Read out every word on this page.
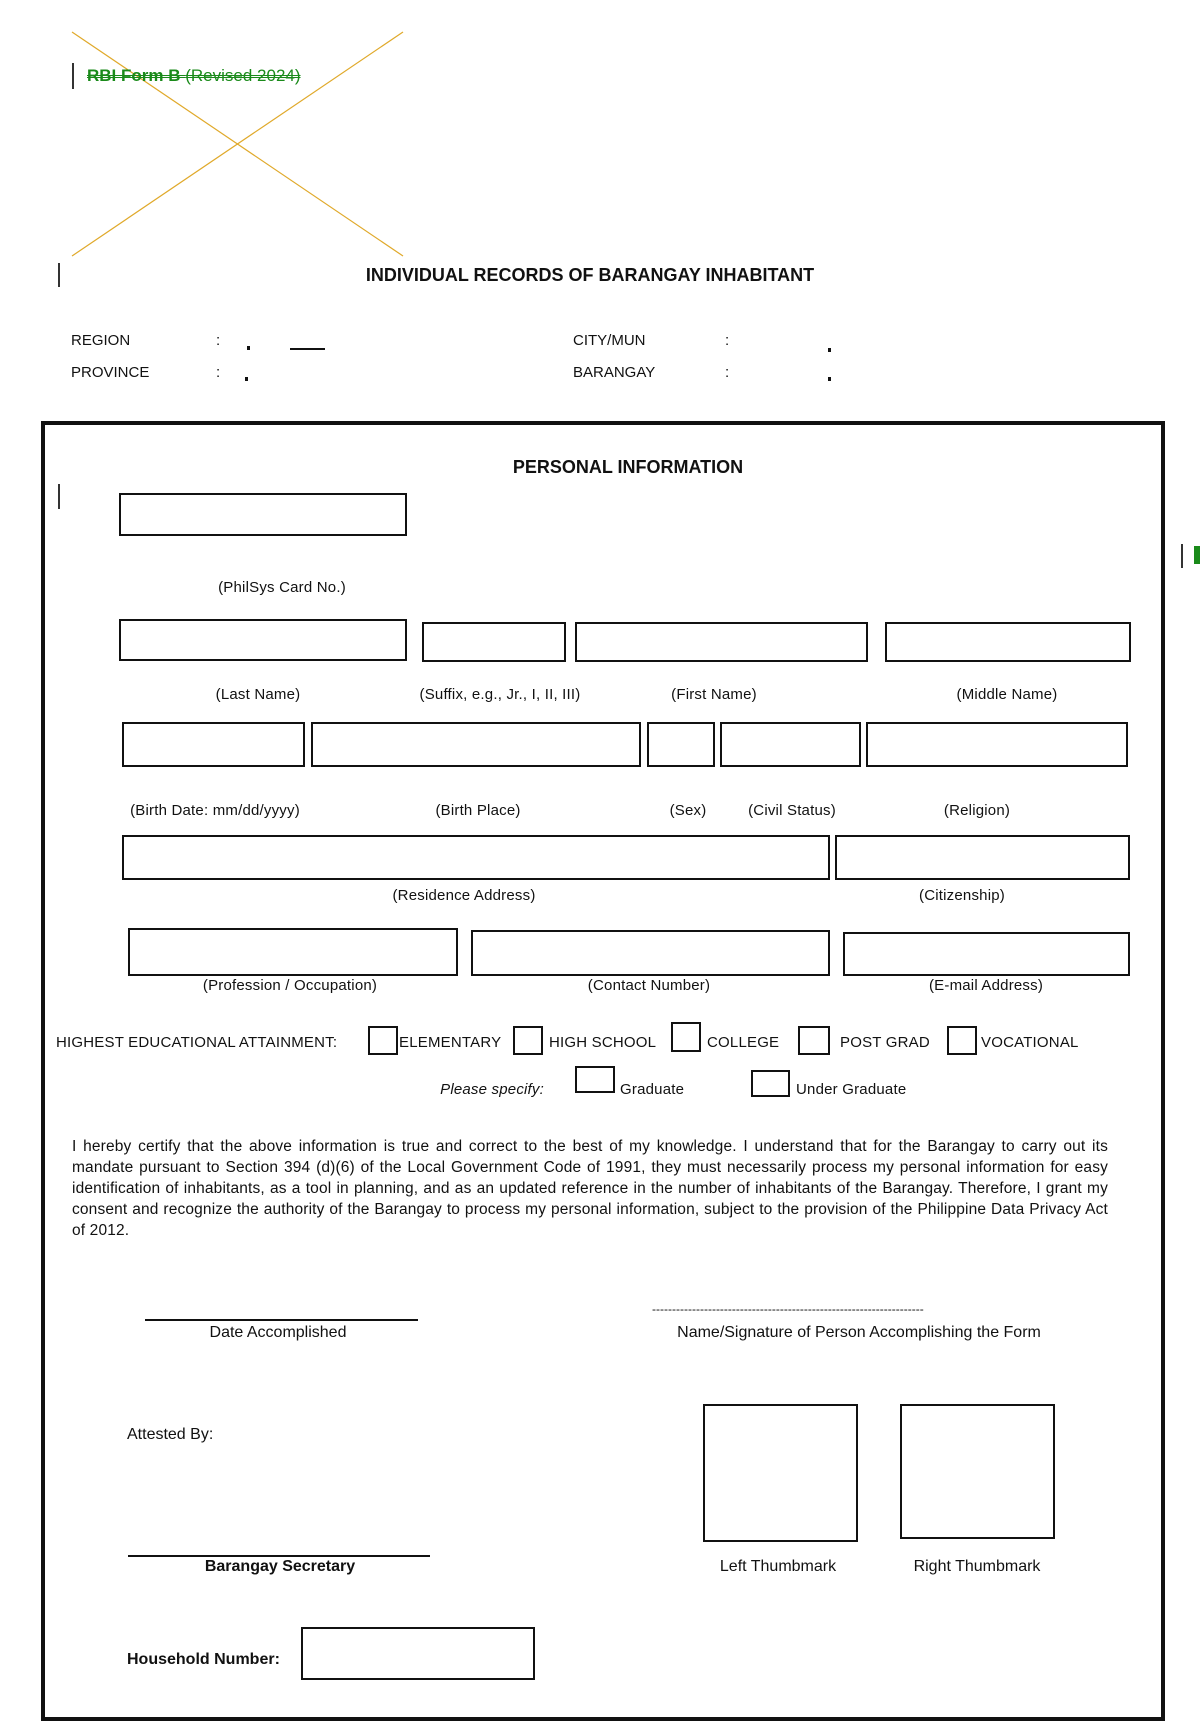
RBI Form B (Revised 2024)
INDIVIDUAL RECORDS OF BARANGAY INHABITANT
REGION	:
PROVINCE	:
CITY/MUN	:
BARANGAY	:
PERSONAL INFORMATION
(PhilSys Card No.)
(Last Name)	(Suffix, e.g., Jr., I, II, III)	(First Name)	(Middle Name)
(Birth Date: mm/dd/yyyy)	(Birth Place)	(Sex)	(Civil Status)	(Religion)
(Residence Address)	(Citizenship)
(Profession / Occupation)	(Contact Number)	(E-mail Address)
HIGHEST EDUCATIONAL ATTAINMENT:	ELEMENTARY	HIGH SCHOOL	COLLEGE	POST GRAD	VOCATIONAL
Please specify:	Graduate	Under Graduate
I hereby certify that the above information is true and correct to the best of my knowledge. I understand that for the Barangay to carry out its mandate pursuant to Section 394 (d)(6) of the Local Government Code of 1991, they must necessarily process my personal information for easy identification of inhabitants, as a tool in planning, and as an updated reference in the number of inhabitants of the Barangay. Therefore, I grant my consent and recognize the authority of the Barangay to process my personal information, subject to the provision of the Philippine Data Privacy Act of 2012.
Date Accomplished
--------------------------------------------------------------------
Name/Signature of Person Accomplishing the Form
Attested By:
Barangay Secretary	Left Thumbmark	Right Thumbmark
Household Number:
